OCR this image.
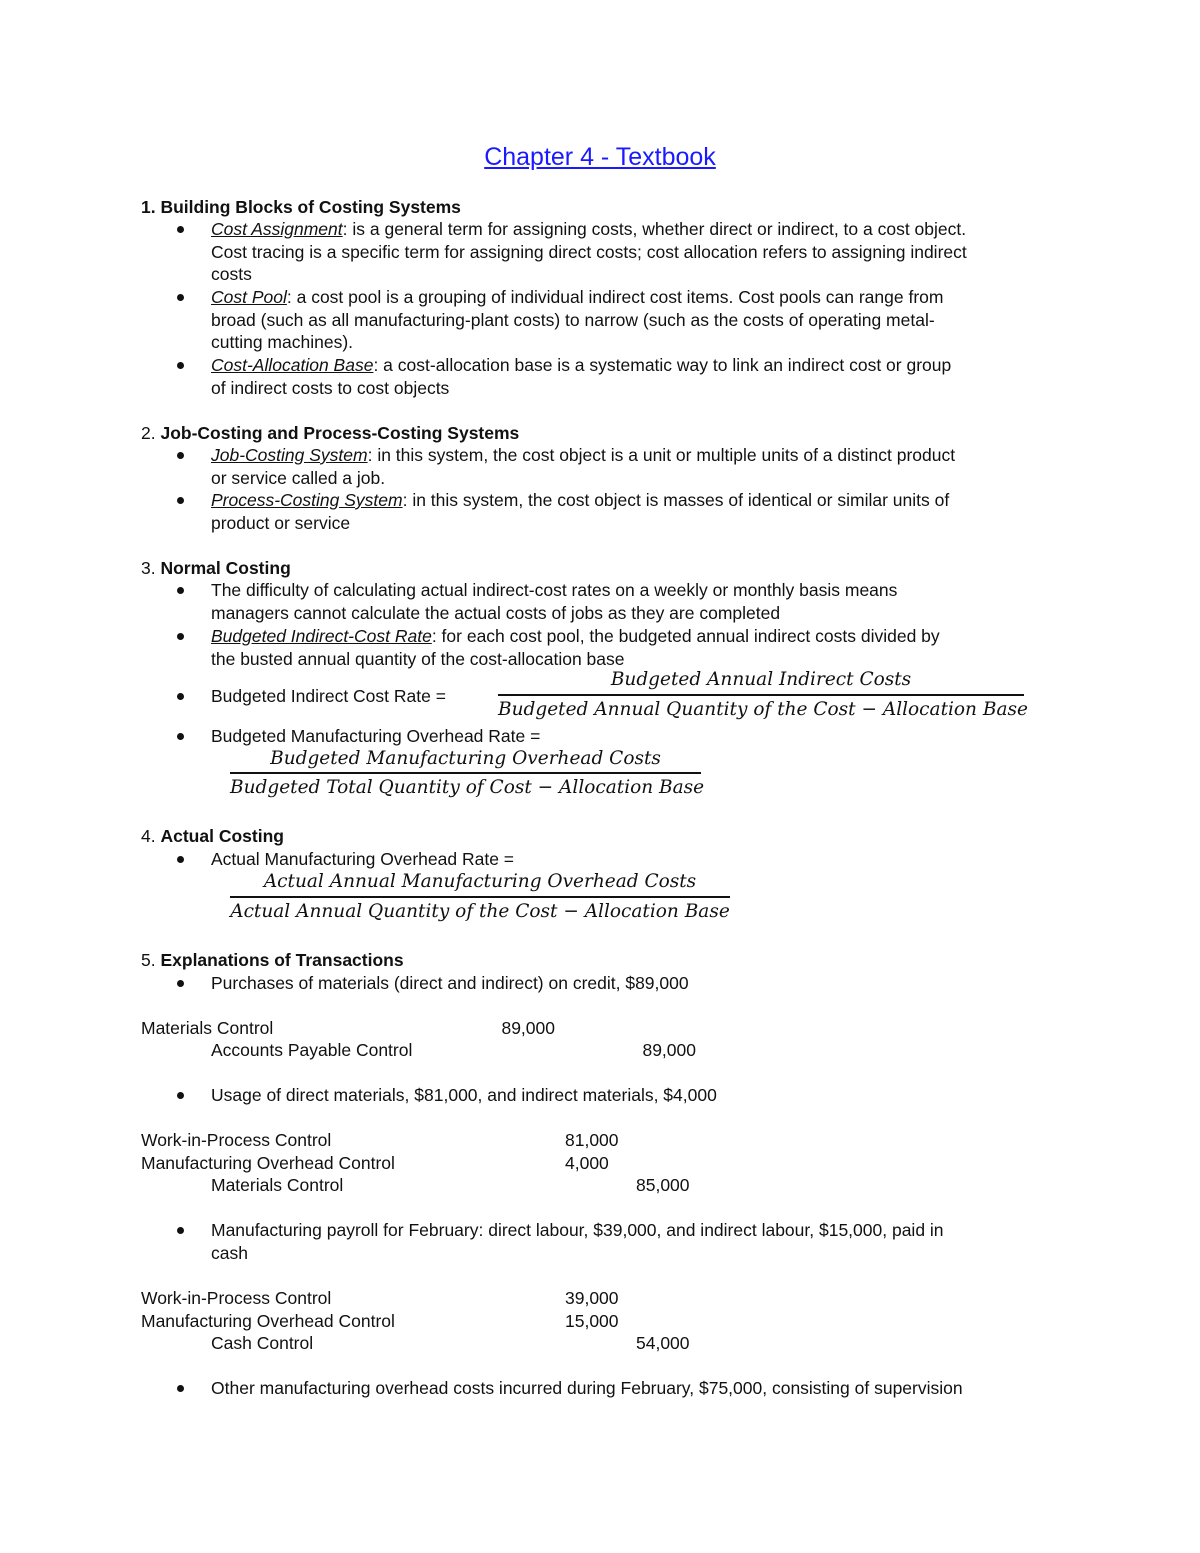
Chapter 4 - Textbook
1. Building Blocks of Costing Systems
Cost Assignment: is a general term for assigning costs, whether direct or indirect, to a cost object.
Cost tracing is a specific term for assigning direct costs; cost allocation refers to assigning indirect
costs
Cost Pool: a cost pool is a grouping of individual indirect cost items. Cost pools can range from
broad (such as all manufacturing-plant costs) to narrow (such as the costs of operating metal-
cutting machines).
Cost-Allocation Base: a cost-allocation base is a systematic way to link an indirect cost or group
of indirect costs to cost objects
2. Job-Costing and Process-Costing Systems
Job-Costing System: in this system, the cost object is a unit or multiple units of a distinct product
or service called a job.
Process-Costing System: in this system, the cost object is masses of identical or similar units of
product or service
3. Normal Costing
The difficulty of calculating actual indirect-cost rates on a weekly or monthly basis means
managers cannot calculate the actual costs of jobs as they are completed
Budgeted Indirect-Cost Rate: for each cost pool, the budgeted annual indirect costs divided by
the busted annual quantity of the cost-allocation base
Budgeted Indirect Cost Rate =
Budgeted Annual Indirect Costs
Budgeted Annual Quantity of the Cost − Allocation Base
Budgeted Manufacturing Overhead Rate =
Budgeted Manufacturing Overhead Costs
Budgeted Total Quantity of Cost − Allocation Base
4. Actual Costing
Actual Manufacturing Overhead Rate =
Actual Annual Manufacturing Overhead Costs
Actual Annual Quantity of the Cost − Allocation Base
5. Explanations of Transactions
Purchases of materials (direct and indirect) on credit, $89,000
Materials Control	89,000
Accounts Payable Control	89,000
Usage of direct materials, $81,000, and indirect materials, $4,000
Work-in-Process Control	81,000
Manufacturing Overhead Control	4,000
Materials Control	85,000
Manufacturing payroll for February: direct labour, $39,000, and indirect labour, $15,000, paid in
cash
Work-in-Process Control	39,000
Manufacturing Overhead Control	15,000
Cash Control	54,000
Other manufacturing overhead costs incurred during February, $75,000, consisting of supervision
